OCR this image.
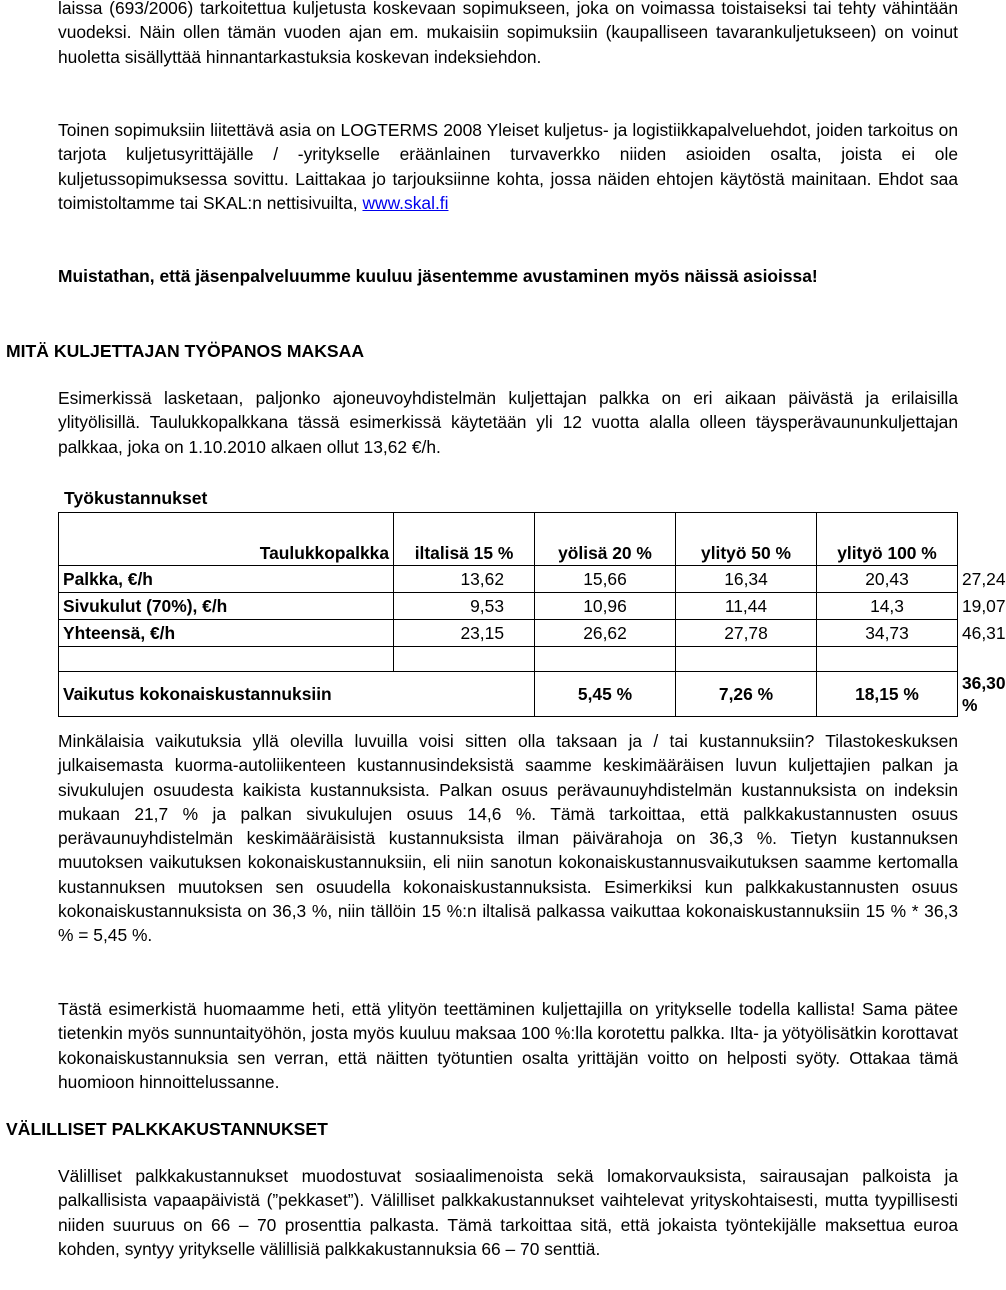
laissa (693/2006) tarkoitettua kuljetusta koskevaan sopimukseen, joka on voimassa toistaiseksi tai tehty vähintään vuodeksi. Näin ollen tämän vuoden ajan em. mukaisiin sopimuksiin (kaupalliseen tavarankuljetukseen) on voinut huoletta sisällyttää hinnantarkastuksia koskevan indeksiehdon.

Toinen sopimuksiin liitettävä asia on LOGTERMS 2008 Yleiset kuljetus- ja logistiikkapalveluehdot, joiden tarkoitus on tarjota kuljetusyrittäjälle / -yritykselle eräänlainen turvaverkko niiden asioiden osalta, joista ei ole kuljetussopimuksessa sovittu. Laittakaa jo tarjouksiinne kohta, jossa näiden ehtojen käytöstä mainitaan. Ehdot saa toimistoltamme tai SKAL:n nettisivuilta, www.skal.fi

Muistathan, että jäsenpalveluumme kuuluu jäsentemme avustaminen myös näissä asioissa!

MITÄ KULJETTAJAN TYÖPANOS MAKSAA

Esimerkissä lasketaan, paljonko ajoneuvoyhdistelmän kuljettajan palkka on eri aikaan päivästä ja erilaisilla ylityölisillä. Taulukkopalkkana tässä esimerkissä käytetään yli 12 vuotta alalla olleen täysperävaununkuljettajan palkkaa, joka on 1.10.2010 alkaen ollut 13,62 €/h.

Työkustannukset
Taulukkopalkka	iltalisä 15 %	yölisä 20 %	ylityö 50 %	ylityö 100 %	
Palkka, €/h	13,62	15,66	16,34	20,43	27,24
Sivukulut (70%), €/h	9,53	10,96	11,44	14,3	19,07
Yhteensä, €/h	23,15	26,62	27,78	34,73	46,31

Vaikutus kokonaiskustannuksiin		5,45 %	7,26 %	18,15 %	36,30 %

Minkälaisia vaikutuksia yllä olevilla luvuilla voisi sitten olla taksaan ja / tai kustannuksiin? Tilastokeskuksen julkaisemasta kuorma-autoliikenteen kustannusindeksistä saamme keskimääräisen luvun kuljettajien palkan ja sivukulujen osuudesta kaikista kustannuksista. Palkan osuus perävaunuyhdistelmän kustannuksista on indeksin mukaan 21,7 % ja palkan sivukulujen osuus 14,6 %. Tämä tarkoittaa, että palkkakustannusten osuus perävaunuyhdistelmän keskimääräisistä kustannuksista ilman päivärahoja on 36,3 %. Tietyn kustannuksen muutoksen vaikutuksen kokonaiskustannuksiin, eli niin sanotun kokonaiskustannusvaikutuksen saamme kertomalla kustannuksen muutoksen sen osuudella kokonaiskustannuksista. Esimerkiksi kun palkkakustannusten osuus kokonaiskustannuksista on 36,3 %, niin tällöin 15 %:n iltalisä palkassa vaikuttaa kokonaiskustannuksiin 15 % * 36,3 % = 5,45 %.

Tästä esimerkistä huomaamme heti, että ylityön teettäminen kuljettajilla on yritykselle todella kallista! Sama pätee tietenkin myös sunnuntaityöhön, josta myös kuuluu maksaa 100 %:lla korotettu palkka. Ilta- ja yötyölisätkin korottavat kokonaiskustannuksia sen verran, että näitten työtuntien osalta yrittäjän voitto on helposti syöty. Ottakaa tämä huomioon hinnoittelussanne.

VÄLILLISET PALKKAKUSTANNUKSET

Välilliset palkkakustannukset muodostuvat sosiaalimenoista sekä lomakorvauksista, sairausajan palkoista ja palkallisista vapaapäivistä (”pekkaset”). Välilliset palkkakustannukset vaihtelevat yrityskohtaisesti, mutta tyypillisesti niiden suuruus on 66 – 70 prosenttia palkasta. Tämä tarkoittaa sitä, että jokaista työntekijälle maksettua euroa kohden, syntyy yritykselle välillisiä palkkakustannuksia 66 – 70 senttiä.
